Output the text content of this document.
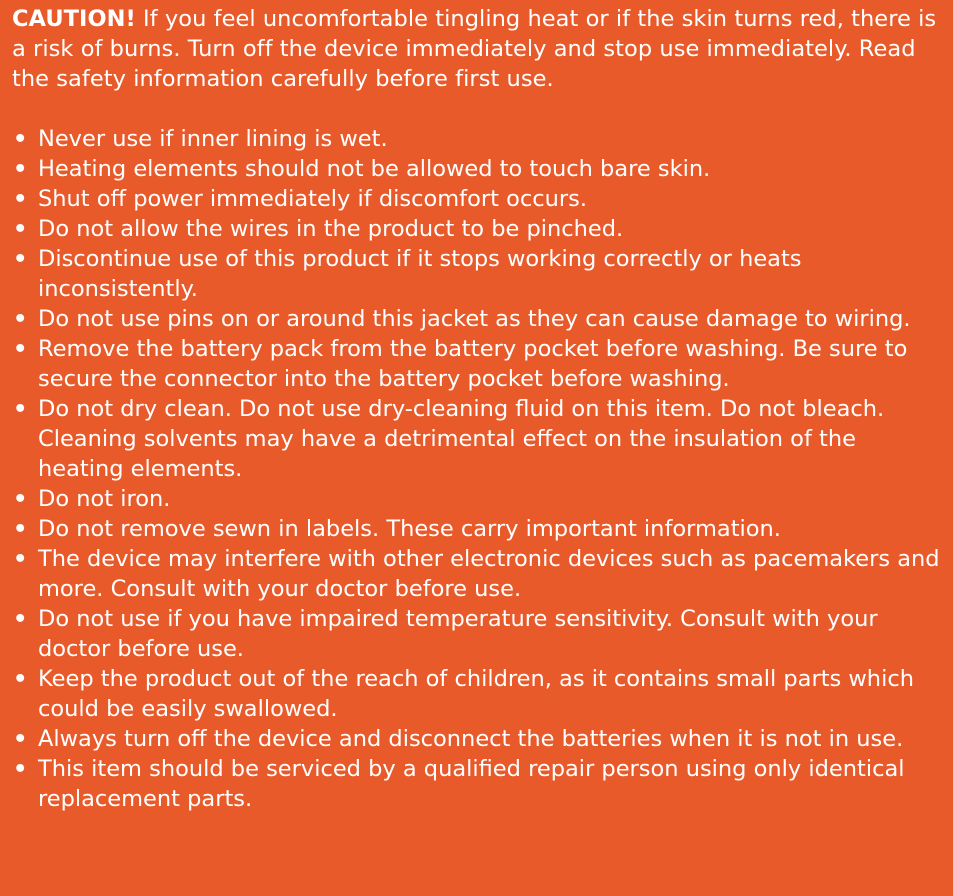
CAUTION! If you feel uncomfortable tingling heat or if the skin turns red, there is a risk of burns. Turn off the device immediately and stop use immediately. Read the safety information carefully before first use.

• Never use if inner lining is wet.
• Heating elements should not be allowed to touch bare skin.
• Shut off power immediately if discomfort occurs.
• Do not allow the wires in the product to be pinched.
• Discontinue use of this product if it stops working correctly or heats inconsistently.
• Do not use pins on or around this jacket as they can cause damage to wiring.
• Remove the battery pack from the battery pocket before washing. Be sure to secure the connector into the battery pocket before washing.
• Do not dry clean. Do not use dry-cleaning fluid on this item. Do not bleach. Cleaning solvents may have a detrimental effect on the insulation of the heating elements.
• Do not iron.
• Do not remove sewn in labels. These carry important information.
• The device may interfere with other electronic devices such as pacemakers and more. Consult with your doctor before use.
• Do not use if you have impaired temperature sensitivity. Consult with your doctor before use.
• Keep the product out of the reach of children, as it contains small parts which could be easily swallowed.
• Always turn off the device and disconnect the batteries when it is not in use.
• This item should be serviced by a qualified repair person using only identical replacement parts.
